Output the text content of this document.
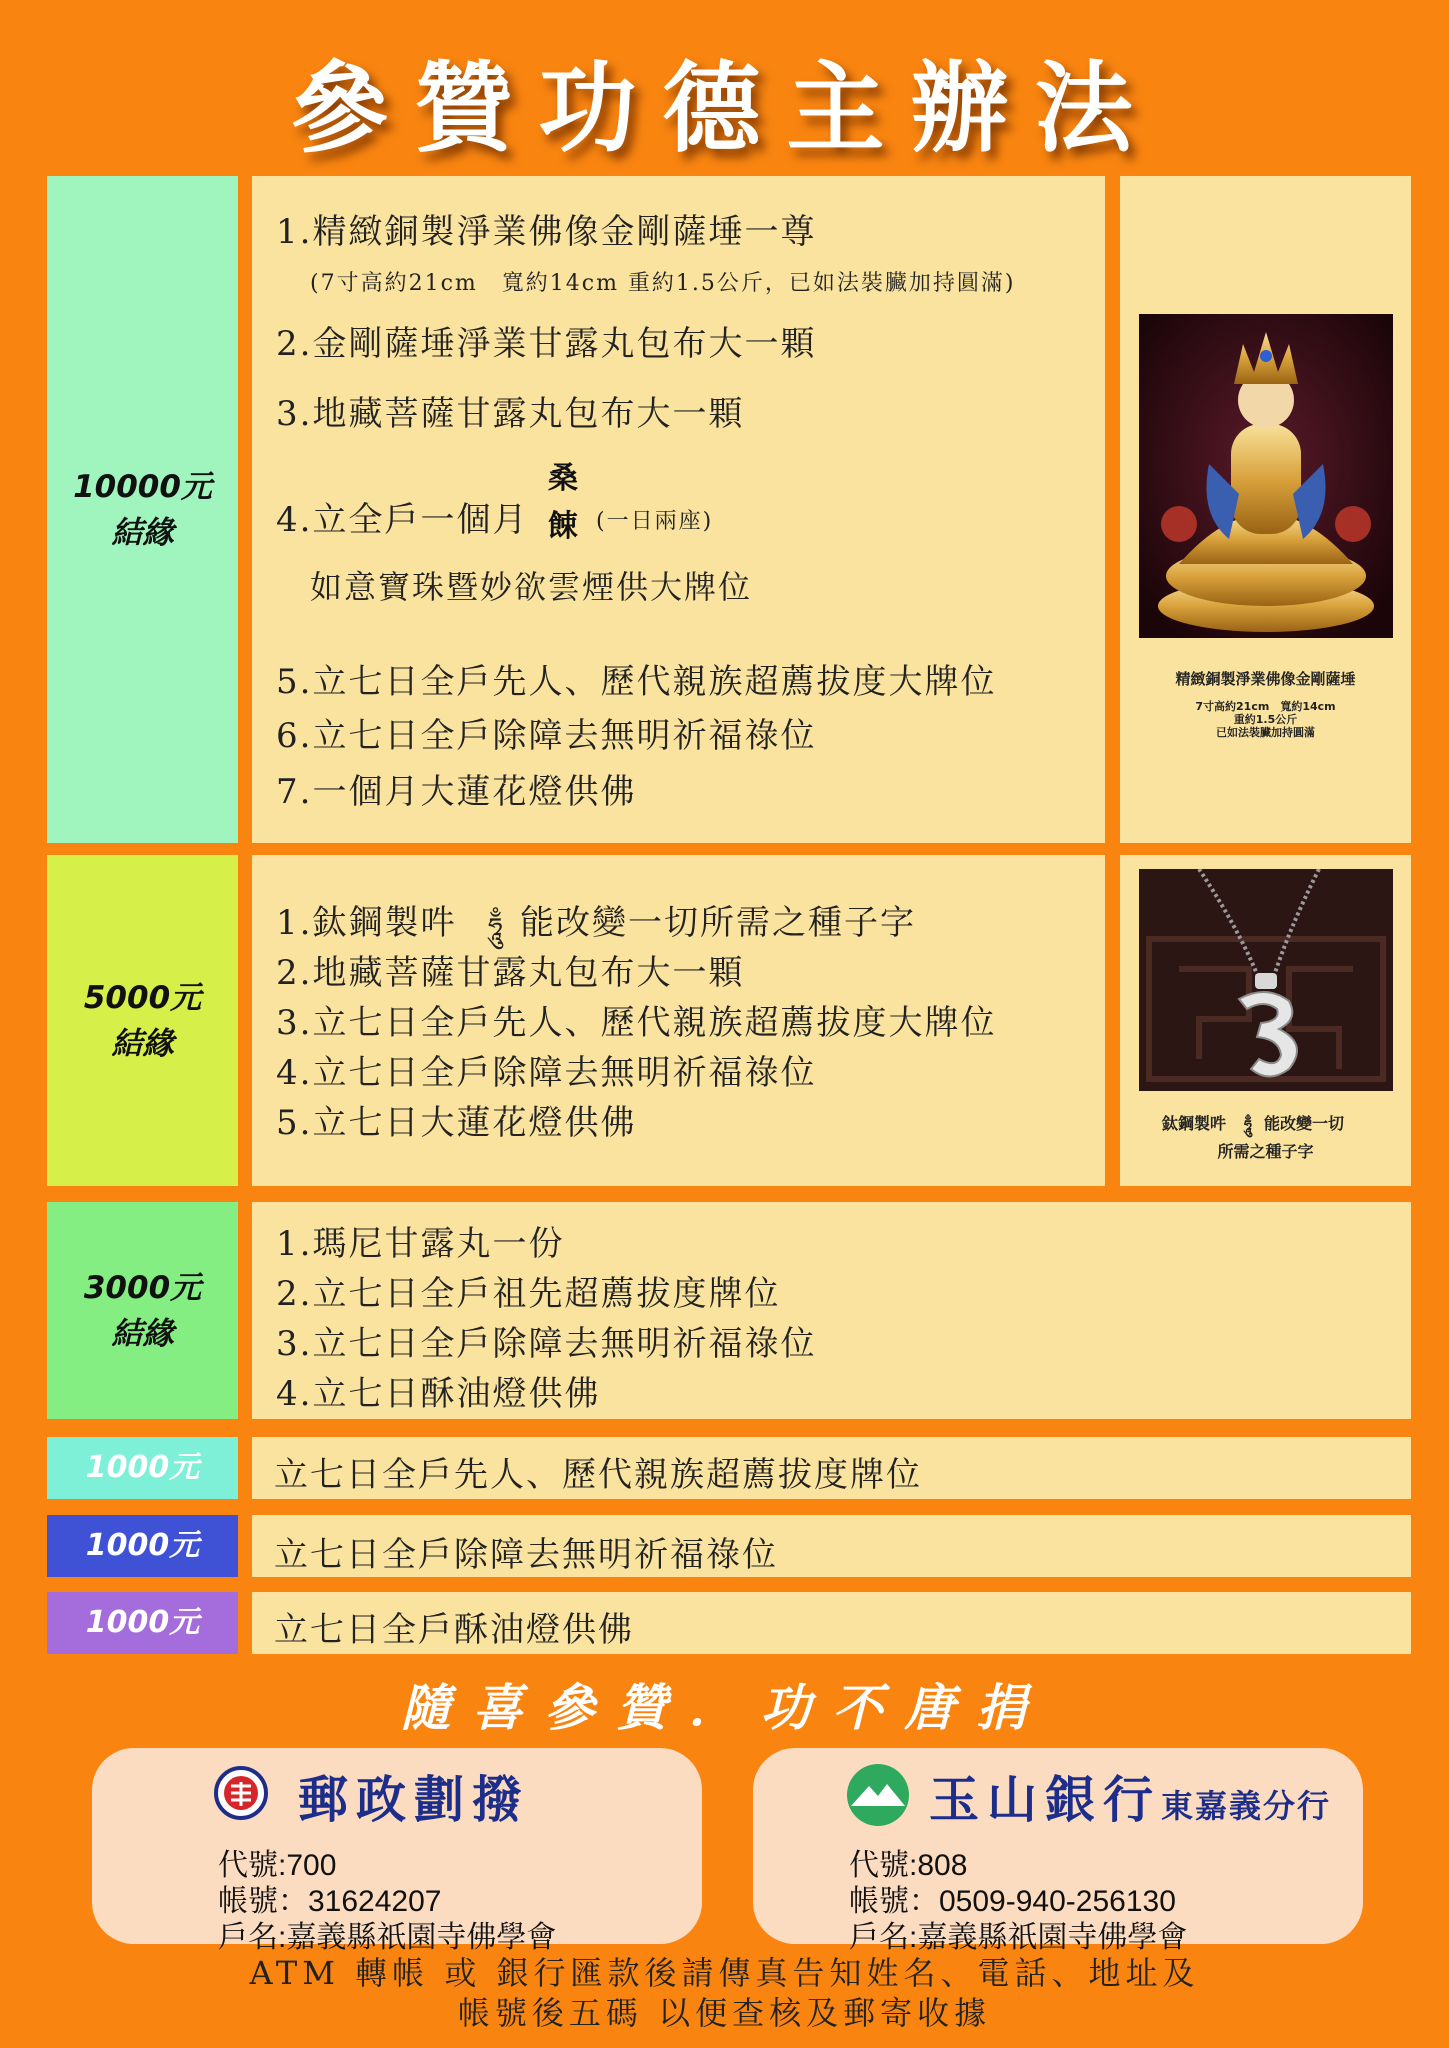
參贊功德主辦法
10000元
結緣
1.精緻銅製淨業佛像金剛薩埵一尊
(7寸高約21cm　寬約14cm 重約1.5公斤，已如法裝臟加持圓滿)
2.金剛薩埵淨業甘露丸包布大一顆
3.地藏菩薩甘露丸包布大一顆
4.立全戶一個月
桑
餗 (一日兩座)
如意寶珠暨妙欲雲煙供大牌位
5.立七日全戶先人、歷代親族超薦拔度大牌位
6.立七日全戶除障去無明祈福祿位
7.一個月大蓮花燈供佛
精緻銅製淨業佛像金剛薩埵
7寸高約21cm　寬約14cm
重約1.5公斤
已如法裝臟加持圓滿
5000元
結緣
1.鈦鋼製吽 ཧཱུྃ 能改變一切所需之種子字
2.地藏菩薩甘露丸包布大一顆
3.立七日全戶先人、歷代親族超薦拔度大牌位
4.立七日全戶除障去無明祈福祿位
5.立七日大蓮花燈供佛	鈦鋼製吽 ཧཱུྃ 能改變一切
所需之種子字
3000元
結緣
1.瑪尼甘露丸一份
2.立七日全戶祖先超薦拔度牌位
3.立七日全戶除障去無明祈福祿位
4.立七日酥油燈供佛
1000元 立七日全戶先人、歷代親族超薦拔度牌位
1000元 立七日全戶除障去無明祈福祿位
1000元 立七日全戶酥油燈供佛
隨喜參贊．功不唐捐
郵政劃撥
代號:700
帳號：31624207
戶名:嘉義縣祇園寺佛學會
玉山銀行東嘉義分行
代號:808
帳號：0509-940-256130
戶名:嘉義縣祇園寺佛學會
ATM 轉帳 或 銀行匯款後請傳真告知姓名、電話、地址及
帳號後五碼 以便查核及郵寄收據
